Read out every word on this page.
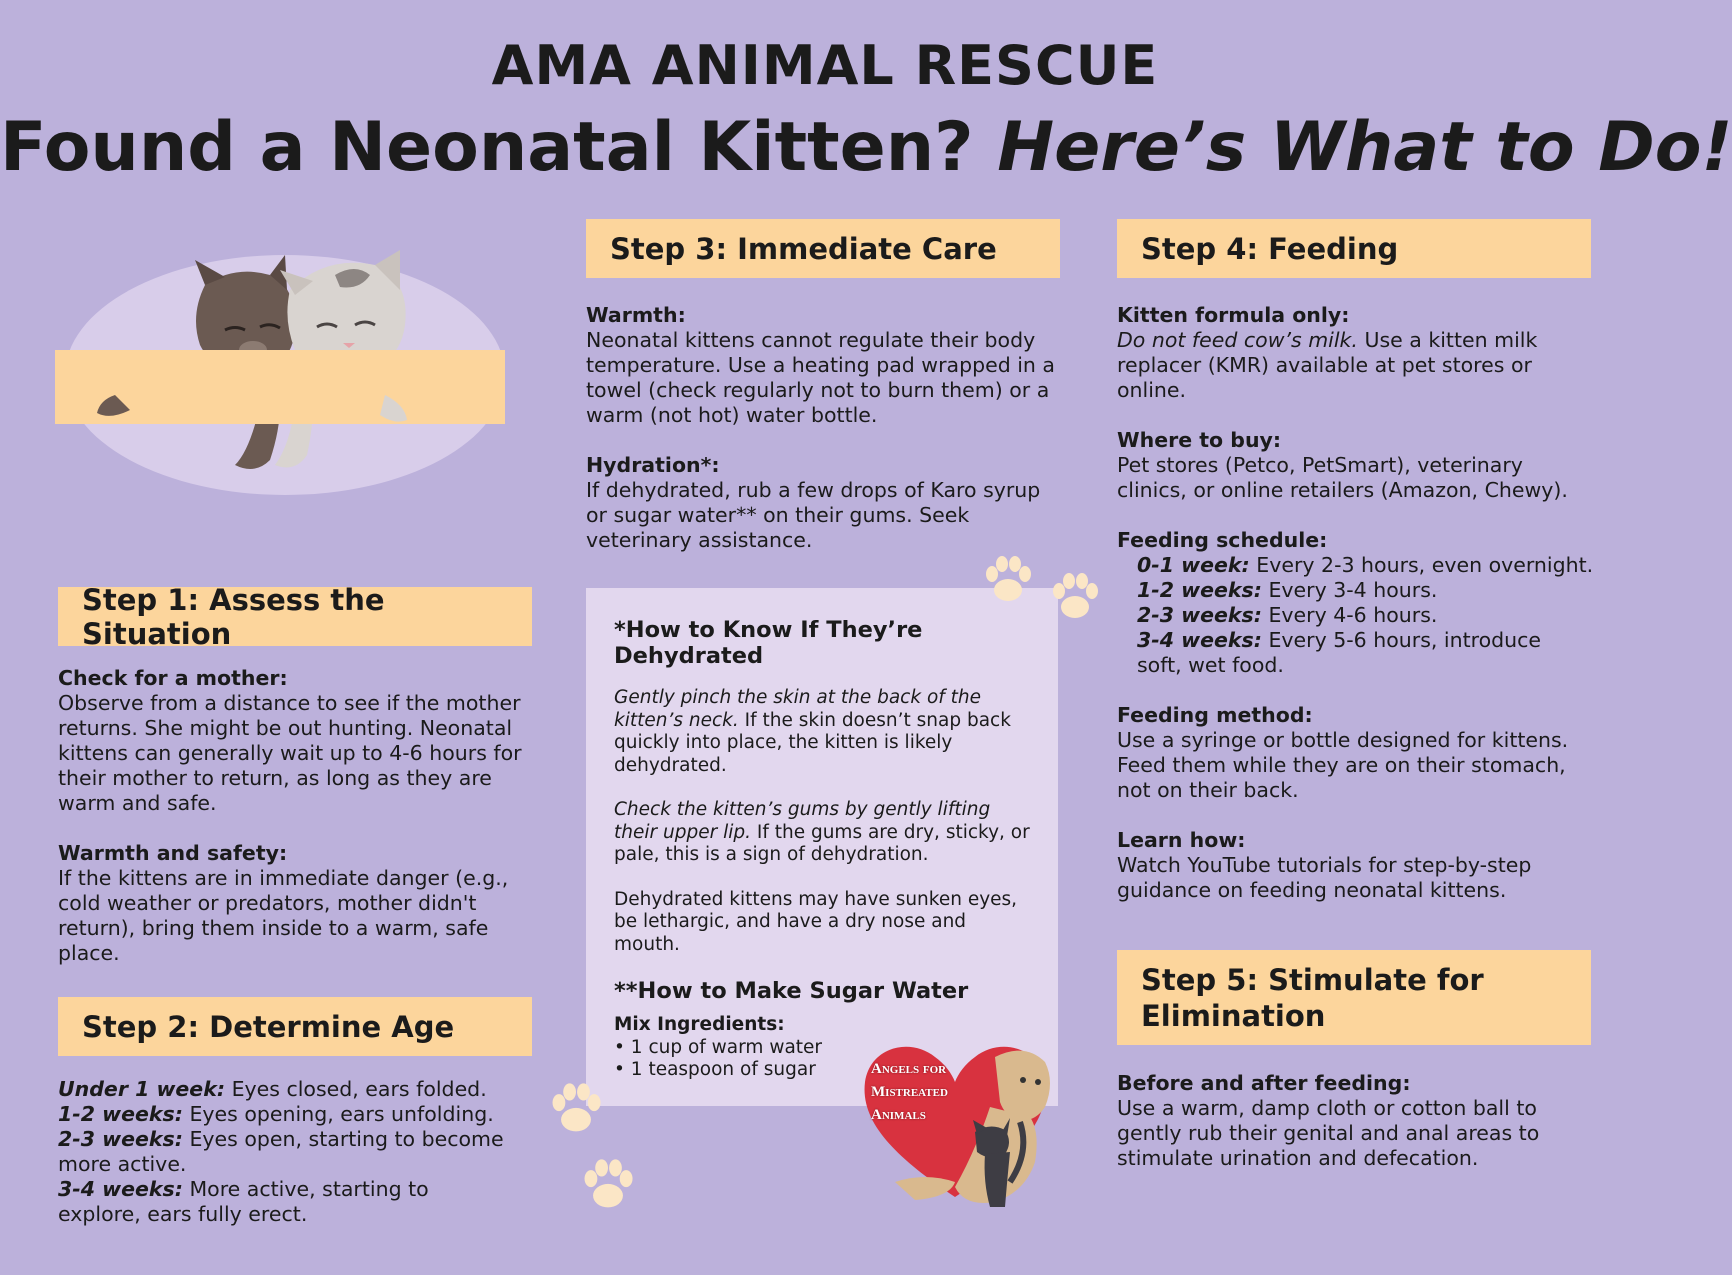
AMA ANIMAL RESCUE
Found a Neonatal Kitten? Here’s What to Do!
Step 1: Assess the Situation
Check for a mother:

Observe from a distance to see if the mother returns. She might be out hunting. Neonatal kittens can generally wait up to 4-6 hours for their mother to return, as long as they are warm and safe.

Warmth and safety:

If the kittens are in immediate danger (e.g., cold weather or predators, mother didn't return), bring them inside to a warm, safe place.

Step 2: Determine Age
Under 1 week: Eyes closed, ears folded.
1-2 weeks: Eyes opening, ears unfolding.
2-3 weeks: Eyes open, starting to become more active.
3-4 weeks: More active, starting to explore, ears fully erect.
Step 3: Immediate Care
Warmth:

Neonatal kittens cannot regulate their body temperature. Use a heating pad wrapped in a towel (check regularly not to burn them) or a warm (not hot) water bottle.

Hydration*:

If dehydrated, rub a few drops of Karo syrup or sugar water** on their gums. Seek veterinary assistance.

*How to Know If They’re Dehydrated

Gently pinch the skin at the back of the kitten’s neck. If the skin doesn’t snap back quickly into place, the kitten is likely dehydrated.

Check the kitten’s gums by gently lifting their upper lip. If the gums are dry, sticky, or pale, this is a sign of dehydration.

Dehydrated kittens may have sunken eyes, be lethargic, and have a dry nose and mouth.

**How to Make Sugar Water
Mix Ingredients:
• 1 cup of warm water
• 1 teaspoon of sugar	Angels for
Mistreated
Animals
Step 4: Feeding
Kitten formula only:

Do not feed cow’s milk. Use a kitten milk replacer (KMR) available at pet stores or online.

Where to buy:

Pet stores (Petco, PetSmart), veterinary clinics, or online retailers (Amazon, Chewy).

Feeding schedule:
0-1 week: Every 2-3 hours, even overnight.
1-2 weeks: Every 3-4 hours.
2-3 weeks: Every 4-6 hours.
3-4 weeks: Every 5-6 hours, introduce soft, wet food.
Feeding method:

Use a syringe or bottle designed for kittens. Feed them while they are on their stomach, not on their back.

Learn how:

Watch YouTube tutorials for step-by-step guidance on feeding neonatal kittens.

Step 5: Stimulate for
Elimination
Before and after feeding:

Use a warm, damp cloth or cotton ball to gently rub their genital and anal areas to stimulate urination and defecation.
